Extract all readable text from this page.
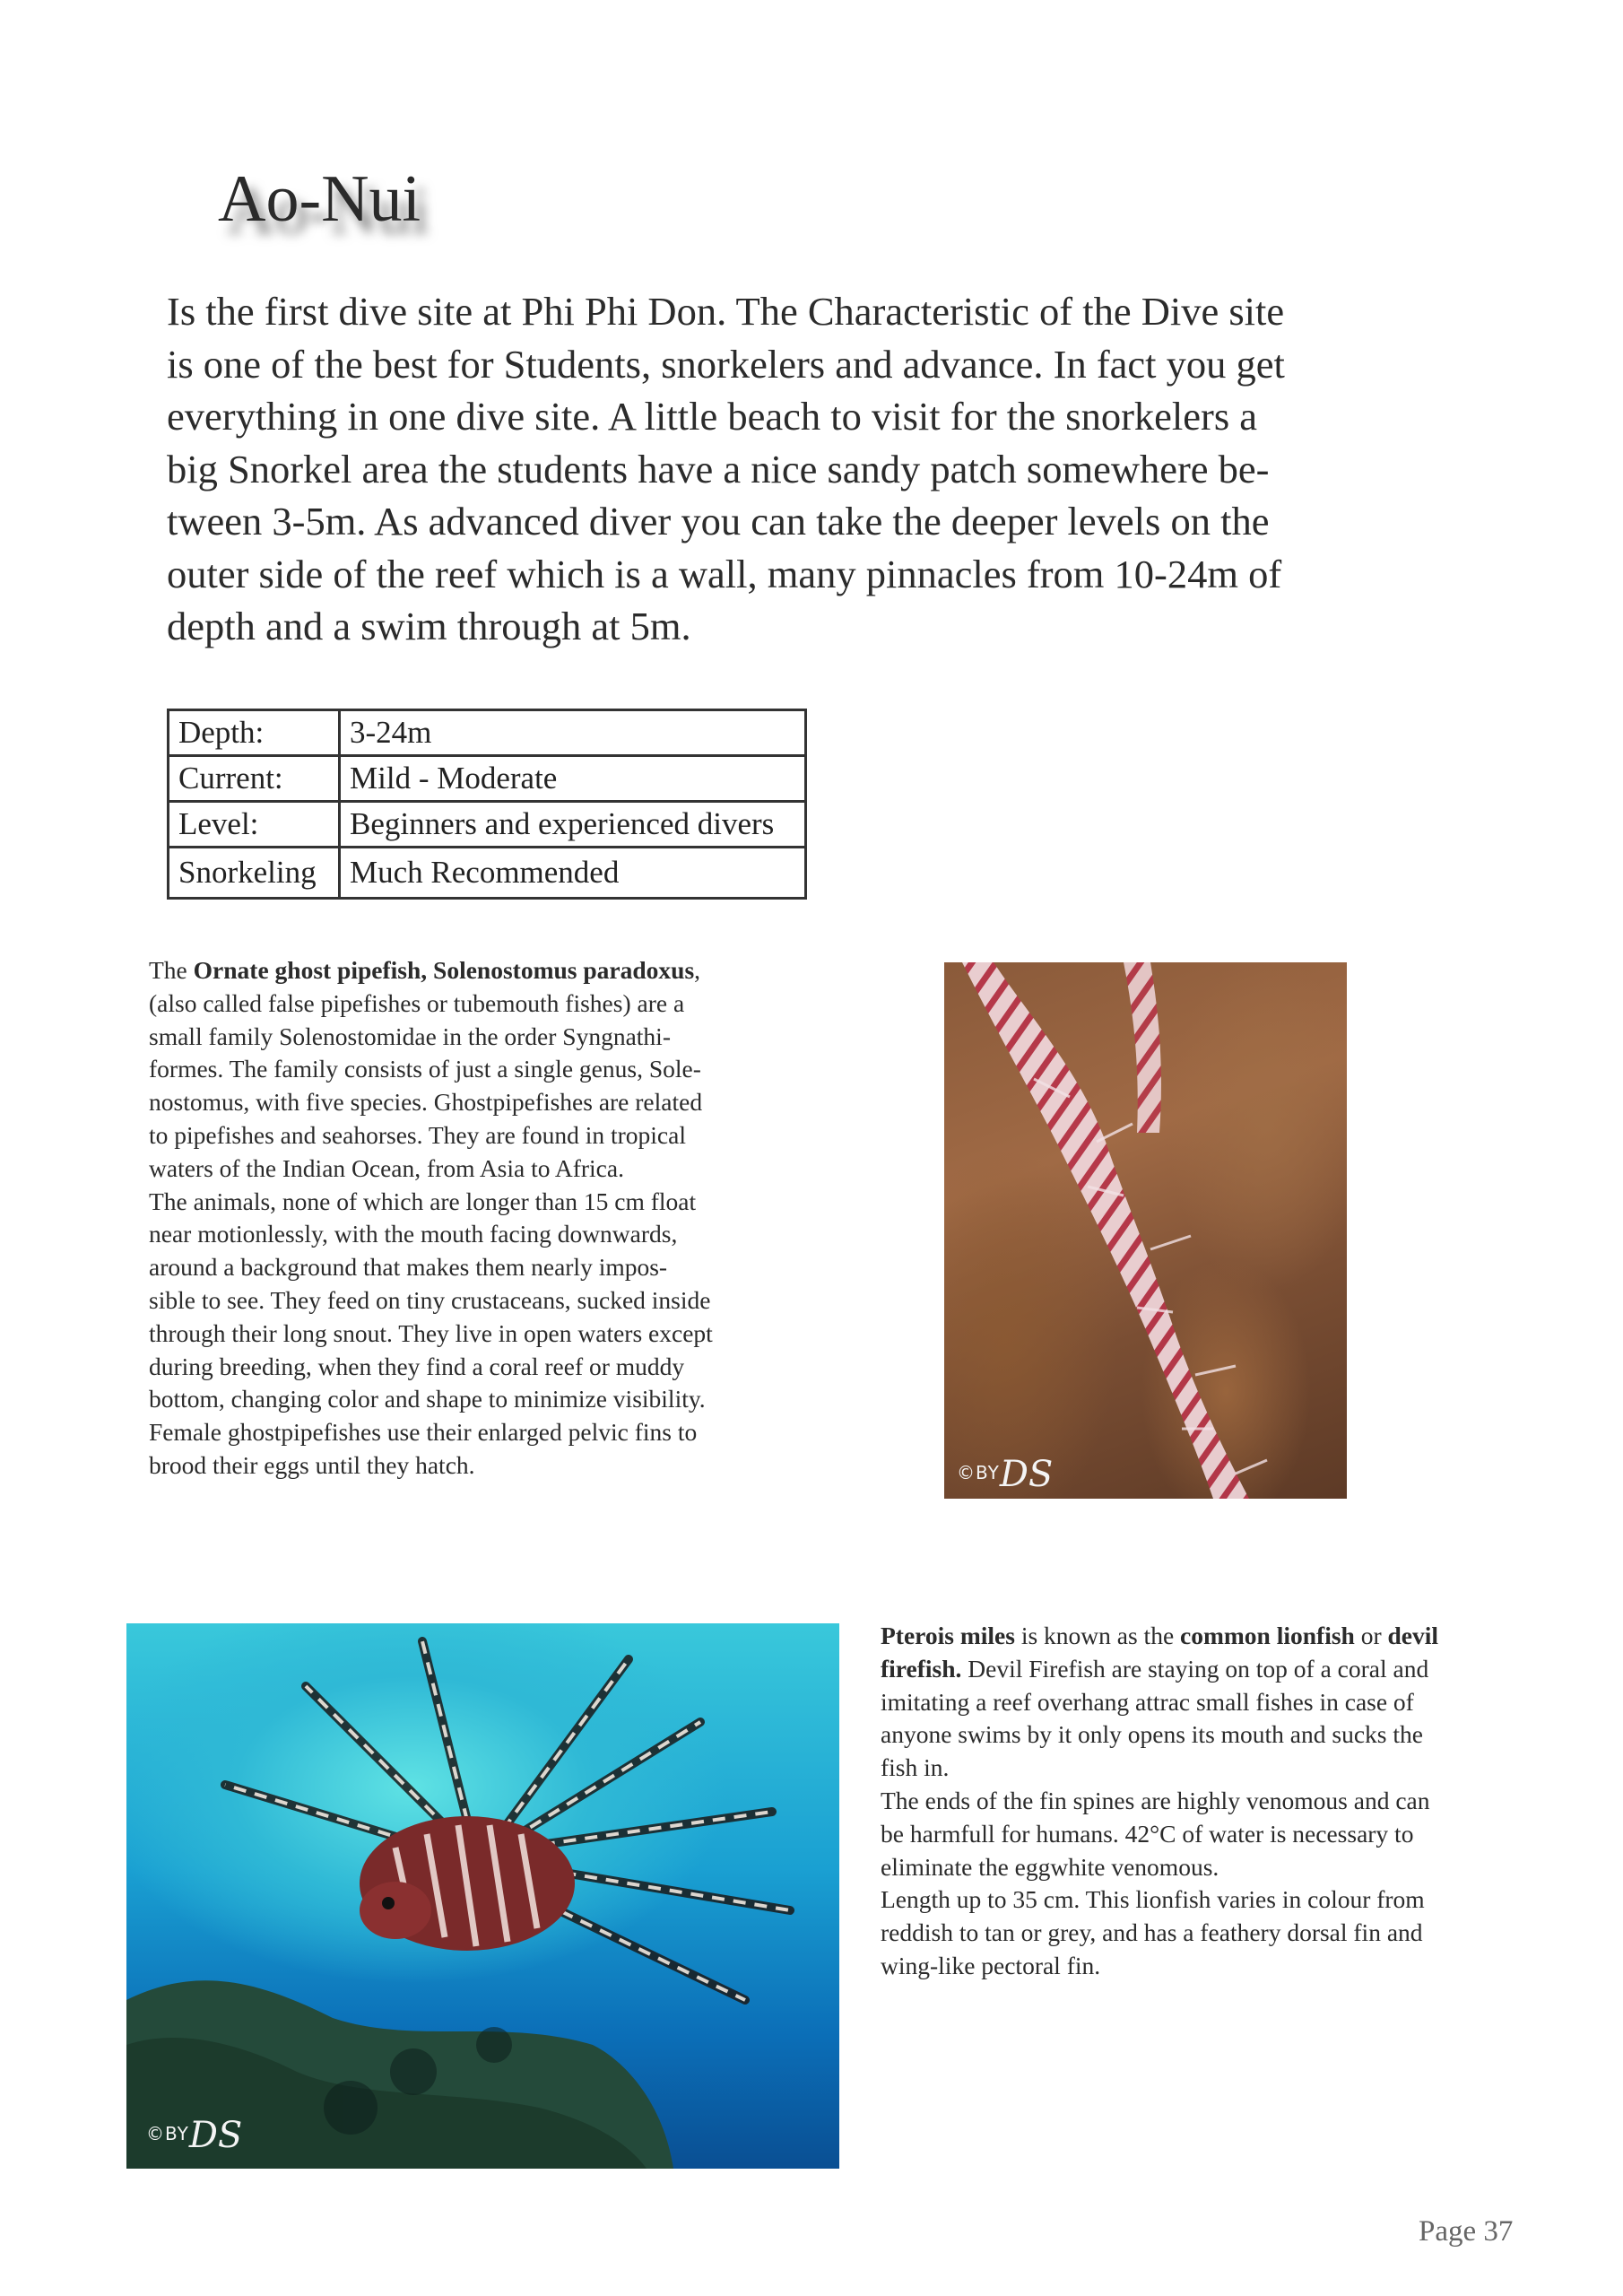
Ao-Nui

Is the first dive site at Phi Phi Don. The Characteristic of the Dive site

is one of the best for Students, snorkelers and advance. In fact you get

everything in one dive site. A little beach to visit for the snorkelers a

big Snorkel area the students have a nice sandy patch somewhere be-

tween 3-5m. As advanced diver you can take the deeper levels on the

outer side of the reef which is a wall, many pinnacles from 10-24m of

depth and a swim through at 5m.

Depth:	3-24m
Current:	Mild - Moderate
Level:	Beginners and experienced divers
Snorkeling	Much Recommended

The Ornate ghost pipefish, Solenostomus paradoxus,

(also called false pipefishes or tubemouth fishes) are a

small family Solenostomidae in the order Syngnathi-

formes. The family consists of just a single genus, Sole-

nostomus, with five species. Ghostpipefishes are related

to pipefishes and seahorses. They are found in tropical

waters of the Indian Ocean, from Asia to Africa.

The animals, none of which are longer than 15 cm float

near motionlessly, with the mouth facing downwards,

around a background that makes them nearly impos-

sible to see. They feed on tiny crustaceans, sucked inside

through their long snout. They live in open waters except

during breeding, when they find a coral reef or muddy

bottom, changing color and shape to minimize visibility.

Female ghostpipefishes use their enlarged pelvic fins to

brood their eggs until they hatch.	©BYDS
©BYDS

Pterois miles is known as the common lionfish or devil

firefish. Devil Firefish are staying on top of a coral and

imitating a reef overhang attrac small fishes in case of

anyone swims by it only opens its mouth and sucks the

fish in.

The ends of the fin spines are highly venomous and can

be harmfull for humans. 42°C of water is necessary to

eliminate the eggwhite venomous.

Length up to 35 cm. This lionfish varies in colour from

reddish to tan or grey, and has a feathery dorsal fin and

wing-like pectoral fin.

Page 37
